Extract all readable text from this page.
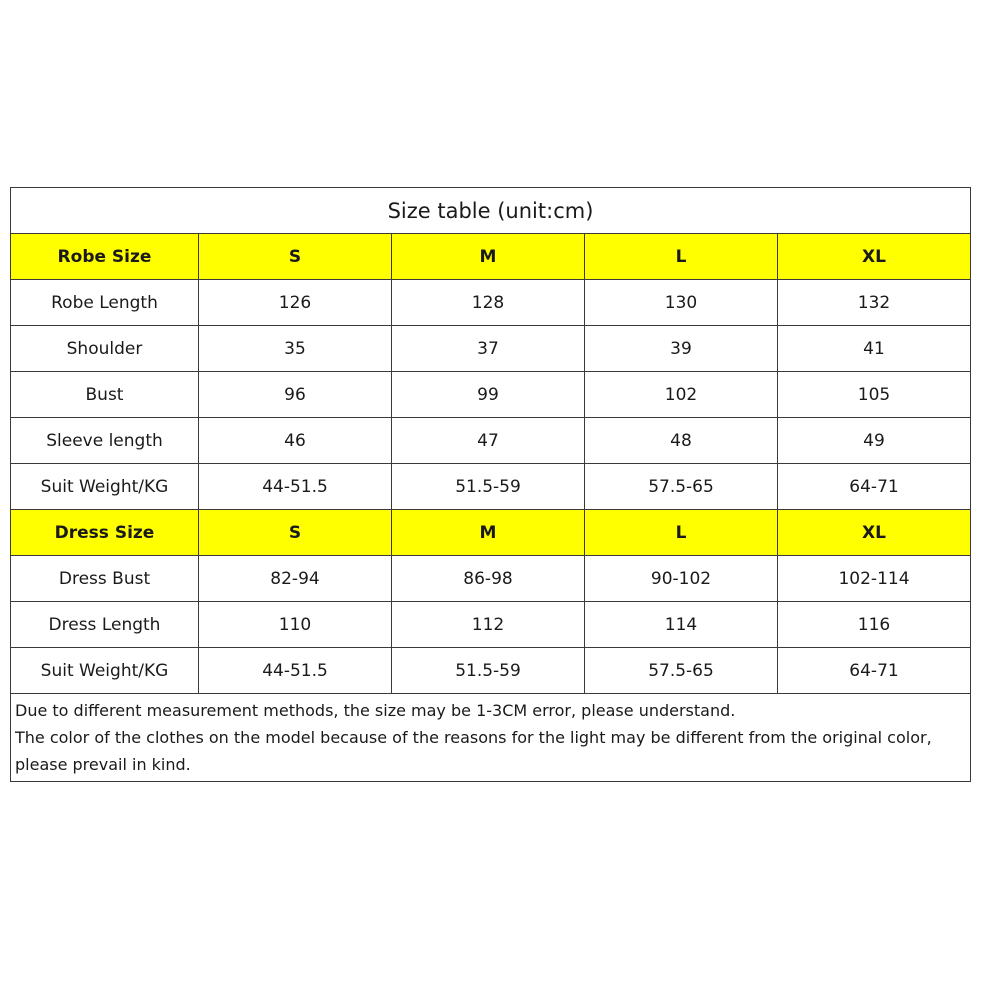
Size table (unit:cm)				
Robe Size	S	M	L	XL
Robe Length	126	128	130	132
Shoulder	35	37	39	41
Bust	96	99	102	105
Sleeve length	46	47	48	49
Suit Weight/KG	44-51.5	51.5-59	57.5-65	64-71
Dress Size	S	M	L	XL
Dress Bust	82-94	86-98	90-102	102-114
Dress Length	110	112	114	116
Suit Weight/KG	44-51.5	51.5-59	57.5-65	64-71

Due to different measurement methods, the size may be 1-3CM error, please understand.
The color of the clothes on the model because of the reasons for the light may be different from the original color, please prevail in kind.				
